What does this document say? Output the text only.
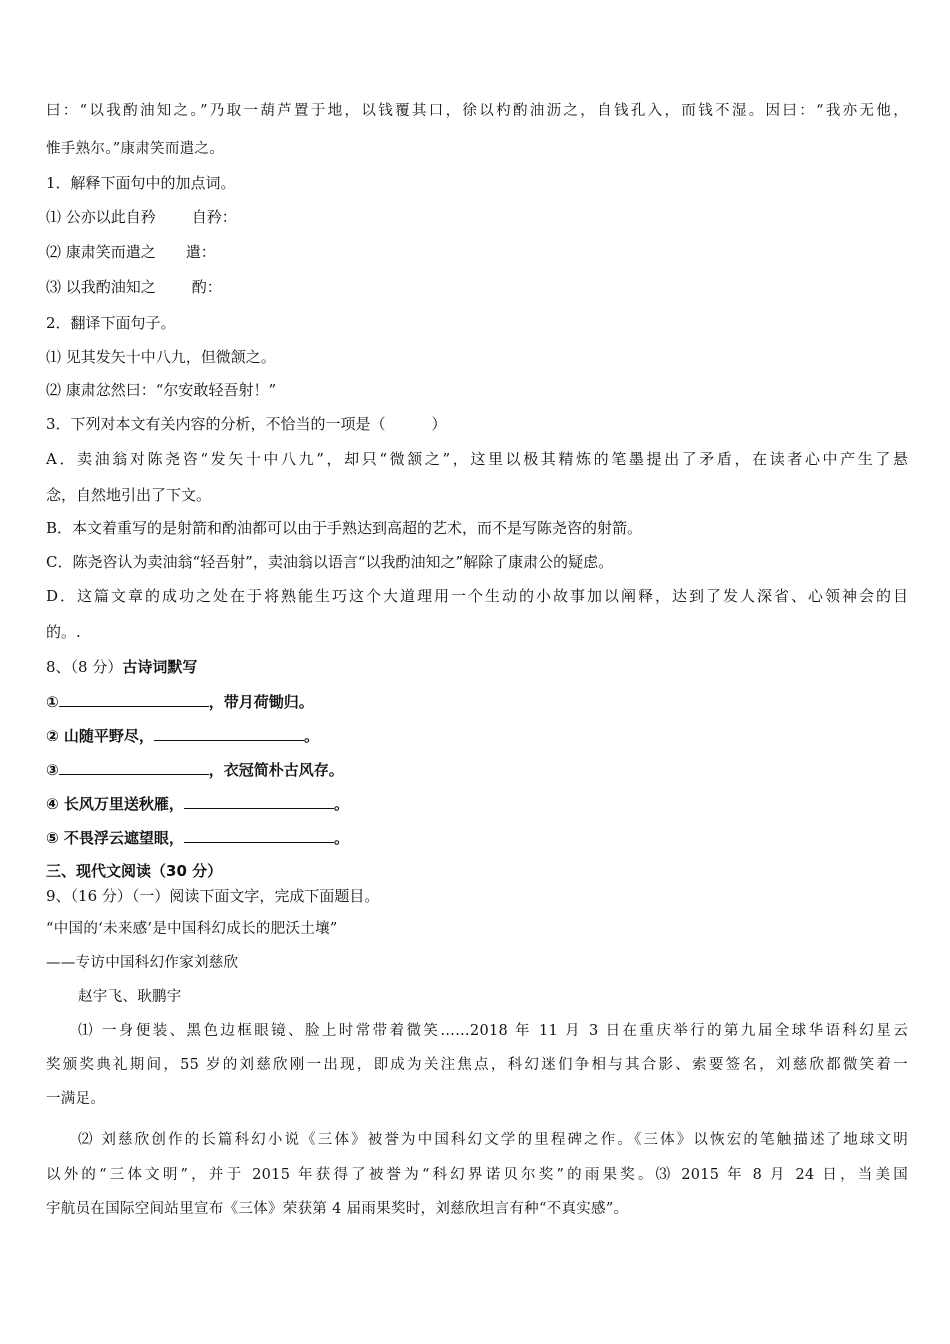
曰：“以我酌油知之。”乃取一葫芦置于地，以钱覆其口，徐以杓酌油沥之，自钱孔入，而钱不湿。因曰：“我亦无他，
惟手熟尔。”康肃笑而遣之。
1．解释下面句中的加点词。
⑴ 公亦以此自矜 自矜：
⑵ 康肃笑而遣之 遣：
⑶ 以我酌油知之 酌：
2．翻译下面句子。
⑴ 见其发矢十中八九，但微颔之。
⑵ 康肃忿然曰：“尔安敢轻吾射！”
3．下列对本文有关内容的分析，不恰当的一项是（	）
A．卖油翁对陈尧咨“发矢十中八九”，却只“微颔之”，这里以极其精炼的笔墨提出了矛盾，在读者心中产生了悬
念，自然地引出了下文。
B．本文着重写的是射箭和酌油都可以由于手熟达到高超的艺术，而不是写陈尧咨的射箭。
C．陈尧咨认为卖油翁“轻吾射”，卖油翁以语言“以我酌油知之”解除了康肃公的疑虑。
D．这篇文章的成功之处在于将熟能生巧这个大道理用一个生动的小故事加以阐释，达到了发人深省、心领神会的目
的。.
8、（8 分）古诗词默写
①	，带月荷锄归。
② 山随平野尽，	。
③	，衣冠简朴古风存。
④ 长风万里送秋雁，	。
⑤ 不畏浮云遮望眼，	。
三、现代文阅读（30 分）
9、（16 分）（一）阅读下面文字，完成下面题目。
“中国的‘未来感’是中国科幻成长的肥沃土壤”
——专访中国科幻作家刘慈欣
赵宇飞、耿鹏宇
⑴ 一身便装、黑色边框眼镜、脸上时常带着微笑……2018 年 11 月 3 日在重庆举行的第九届全球华语科幻星云
奖颁奖典礼期间，55 岁的刘慈欣刚一出现，即成为关注焦点，科幻迷们争相与其合影、索要签名，刘慈欣都微笑着一
一满足。
⑵ 刘慈欣创作的长篇科幻小说《三体》被誉为中国科幻文学的里程碑之作。《三体》以恢宏的笔触描述了地球文明
以外的“三体文明”，并于 2015 年获得了被誉为“科幻界诺贝尔奖”的雨果奖。⑶ 2015 年 8 月 24 日，当美国
宇航员在国际空间站里宣布《三体》荣获第 4 届雨果奖时，刘慈欣坦言有种“不真实感”。
